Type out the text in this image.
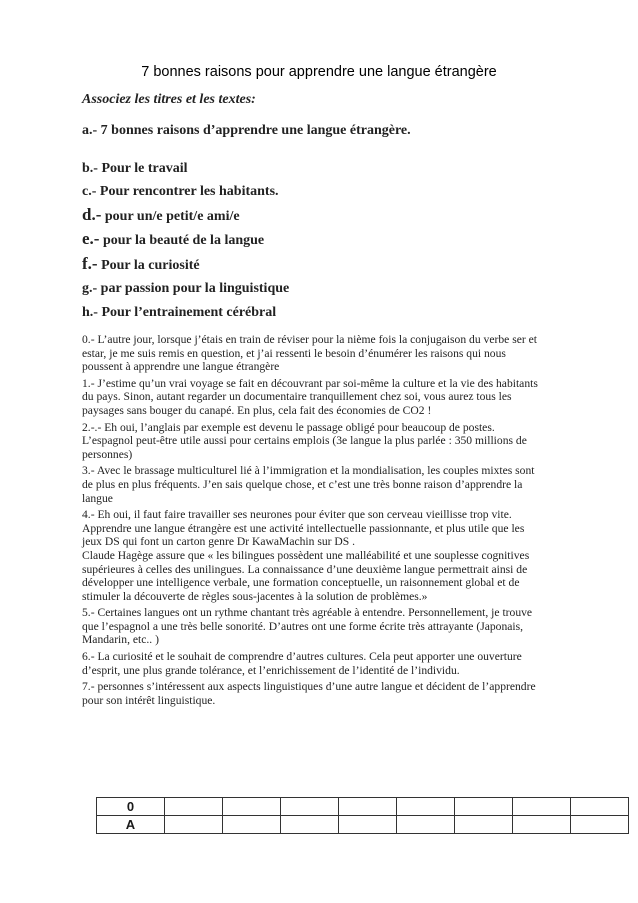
7 bonnes raisons pour apprendre une langue étrangère

Associez les titres et les textes:

a.- 7 bonnes raisons d’apprendre une langue étrangère.
b.- Pour le travail
c.- Pour rencontrer les habitants.
d.- pour un/e petit/e ami/e
e.- pour la beauté de la langue
f.- Pour la curiosité
g.- par passion pour la linguistique
h.- Pour l’entrainement cérébral
0.- L’autre jour, lorsque j’étais en train de réviser pour la nième fois la conjugaison du verbe ser et
estar, je me suis remis en question, et j’ai ressenti le besoin d’énumérer les raisons qui nous
poussent à apprendre une langue étrangère
1.- J’estime qu’un vrai voyage se fait en découvrant par soi-même la culture et la vie des habitants
du pays. Sinon, autant regarder un documentaire tranquillement chez soi, vous aurez tous les
paysages sans bouger du canapé. En plus, cela fait des économies de CO2 !
2.-.- Eh oui, l’anglais par exemple est devenu le passage obligé pour beaucoup de postes.
L’espagnol peut-être utile aussi pour certains emplois (3e langue la plus parlée : 350 millions de
personnes)
3.- Avec le brassage multiculturel lié à l’immigration et la mondialisation, les couples mixtes sont
de plus en plus fréquents. J’en sais quelque chose, et c’est une très bonne raison d’apprendre la
langue
4.- Eh oui, il faut faire travailler ses neurones pour éviter que son cerveau vieillisse trop vite.
Apprendre une langue étrangère est une activité intellectuelle passionnante, et plus utile que les
jeux DS qui font un carton genre Dr KawaMachin sur DS .
Claude Hagège assure que « les bilingues possèdent une malléabilité et une souplesse cognitives
supérieures à celles des unilingues. La connaissance d’une deuxième langue permettrait ainsi de
développer une intelligence verbale, une formation conceptuelle, un raisonnement global et de
stimuler la découverte de règles sous-jacentes à la solution de problèmes.»
5.- Certaines langues ont un rythme chantant très agréable à entendre. Personnellement, je trouve
que l’espagnol a une très belle sonorité. D’autres ont une forme écrite très attrayante (Japonais,
Mandarin, etc.. )
6.- La curiosité et le souhait de comprendre d’autres cultures. Cela peut apporter une ouverture
d’esprit, une plus grande tolérance, et l’enrichissement de l’identité de l’individu.
7.- personnes s’intéressent aux aspects linguistiques d’une autre langue et décident de l’apprendre
pour son intérêt linguistique.
0								
A								
